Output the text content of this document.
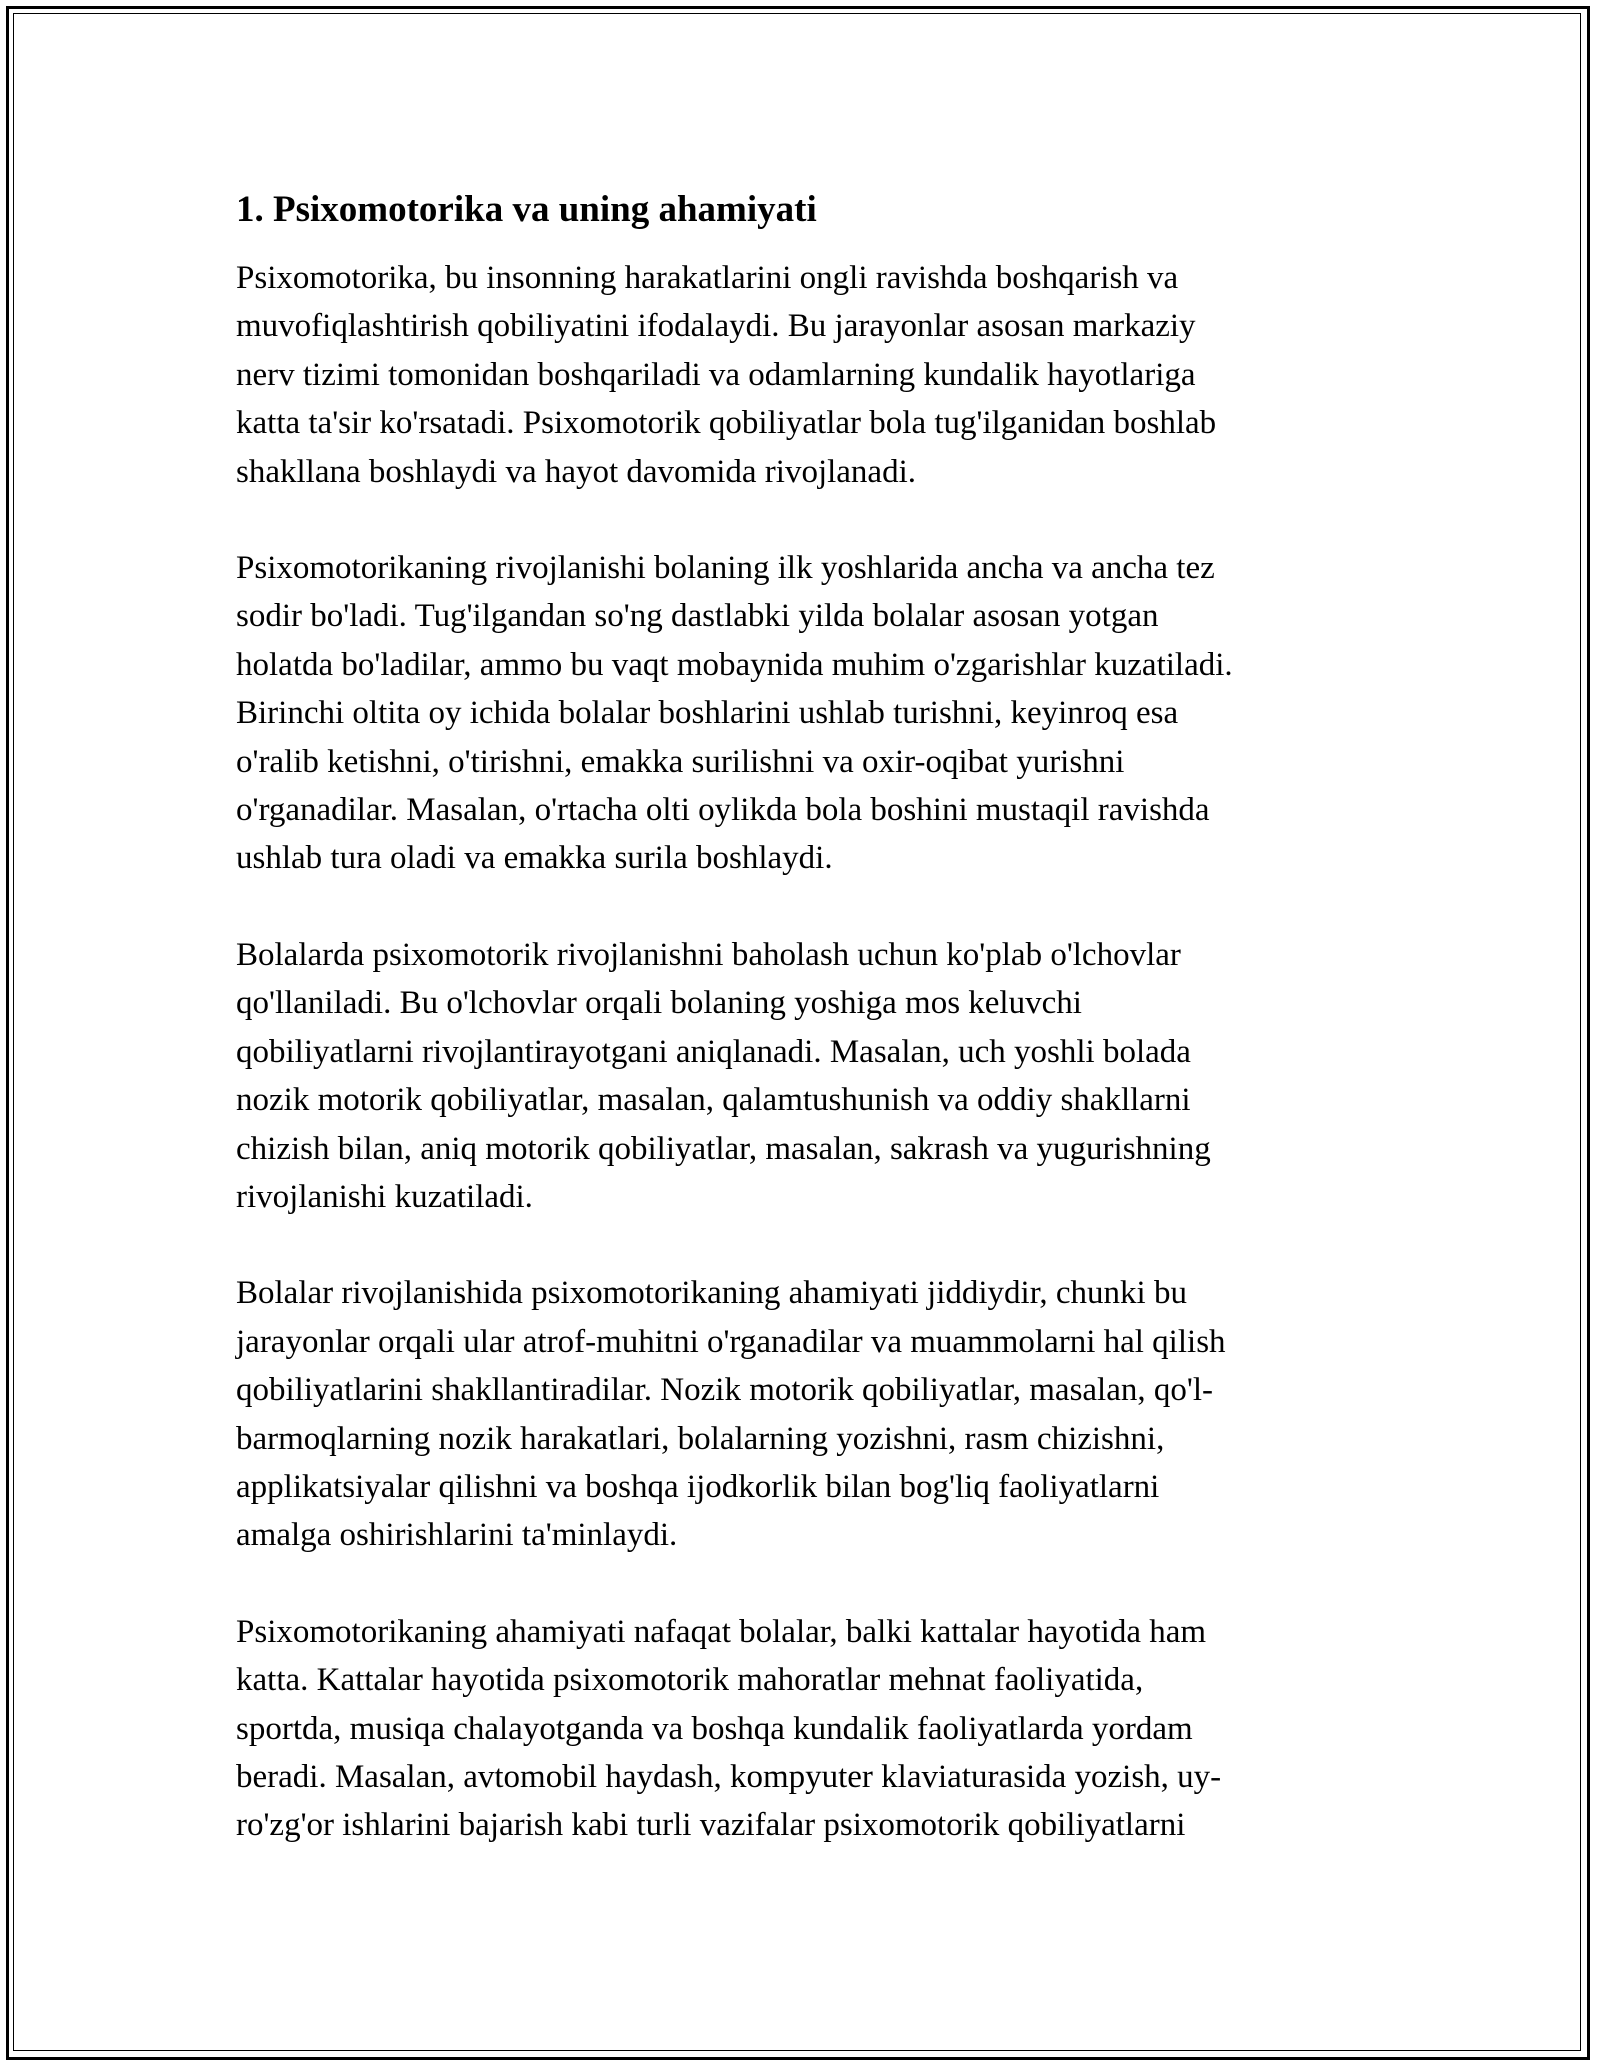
1. Psixomotorika va uning ahamiyati

Psixomotorika, bu insonning harakatlarini ongli ravishda boshqarish va
muvofiqlashtirish qobiliyatini ifodalaydi. Bu jarayonlar asosan markaziy
nerv tizimi tomonidan boshqariladi va odamlarning kundalik hayotlariga
katta ta'sir ko'rsatadi. Psixomotorik qobiliyatlar bola tug'ilganidan boshlab
shakllana boshlaydi va hayot davomida rivojlanadi.

Psixomotorikaning rivojlanishi bolaning ilk yoshlarida ancha va ancha tez
sodir bo'ladi. Tug'ilgandan so'ng dastlabki yilda bolalar asosan yotgan
holatda bo'ladilar, ammo bu vaqt mobaynida muhim o'zgarishlar kuzatiladi.
Birinchi oltita oy ichida bolalar boshlarini ushlab turishni, keyinroq esa
o'ralib ketishni, o'tirishni, emakka surilishni va oxir-oqibat yurishni
o'rganadilar. Masalan, o'rtacha olti oylikda bola boshini mustaqil ravishda
ushlab tura oladi va emakka surila boshlaydi.

Bolalarda psixomotorik rivojlanishni baholash uchun ko'plab o'lchovlar
qo'llaniladi. Bu o'lchovlar orqali bolaning yoshiga mos keluvchi
qobiliyatlarni rivojlantirayotgani aniqlanadi. Masalan, uch yoshli bolada
nozik motorik qobiliyatlar, masalan, qalamtushunish va oddiy shakllarni
chizish bilan, aniq motorik qobiliyatlar, masalan, sakrash va yugurishning
rivojlanishi kuzatiladi.

Bolalar rivojlanishida psixomotorikaning ahamiyati jiddiydir, chunki bu
jarayonlar orqali ular atrof-muhitni o'rganadilar va muammolarni hal qilish
qobiliyatlarini shakllantiradilar. Nozik motorik qobiliyatlar, masalan, qo'l-
barmoqlarning nozik harakatlari, bolalarning yozishni, rasm chizishni,
applikatsiyalar qilishni va boshqa ijodkorlik bilan bog'liq faoliyatlarni
amalga oshirishlarini ta'minlaydi.

Psixomotorikaning ahamiyati nafaqat bolalar, balki kattalar hayotida ham
katta. Kattalar hayotida psixomotorik mahoratlar mehnat faoliyatida,
sportda, musiqa chalayotganda va boshqa kundalik faoliyatlarda yordam
beradi. Masalan, avtomobil haydash, kompyuter klaviaturasida yozish, uy-
ro'zg'or ishlarini bajarish kabi turli vazifalar psixomotorik qobiliyatlarni
